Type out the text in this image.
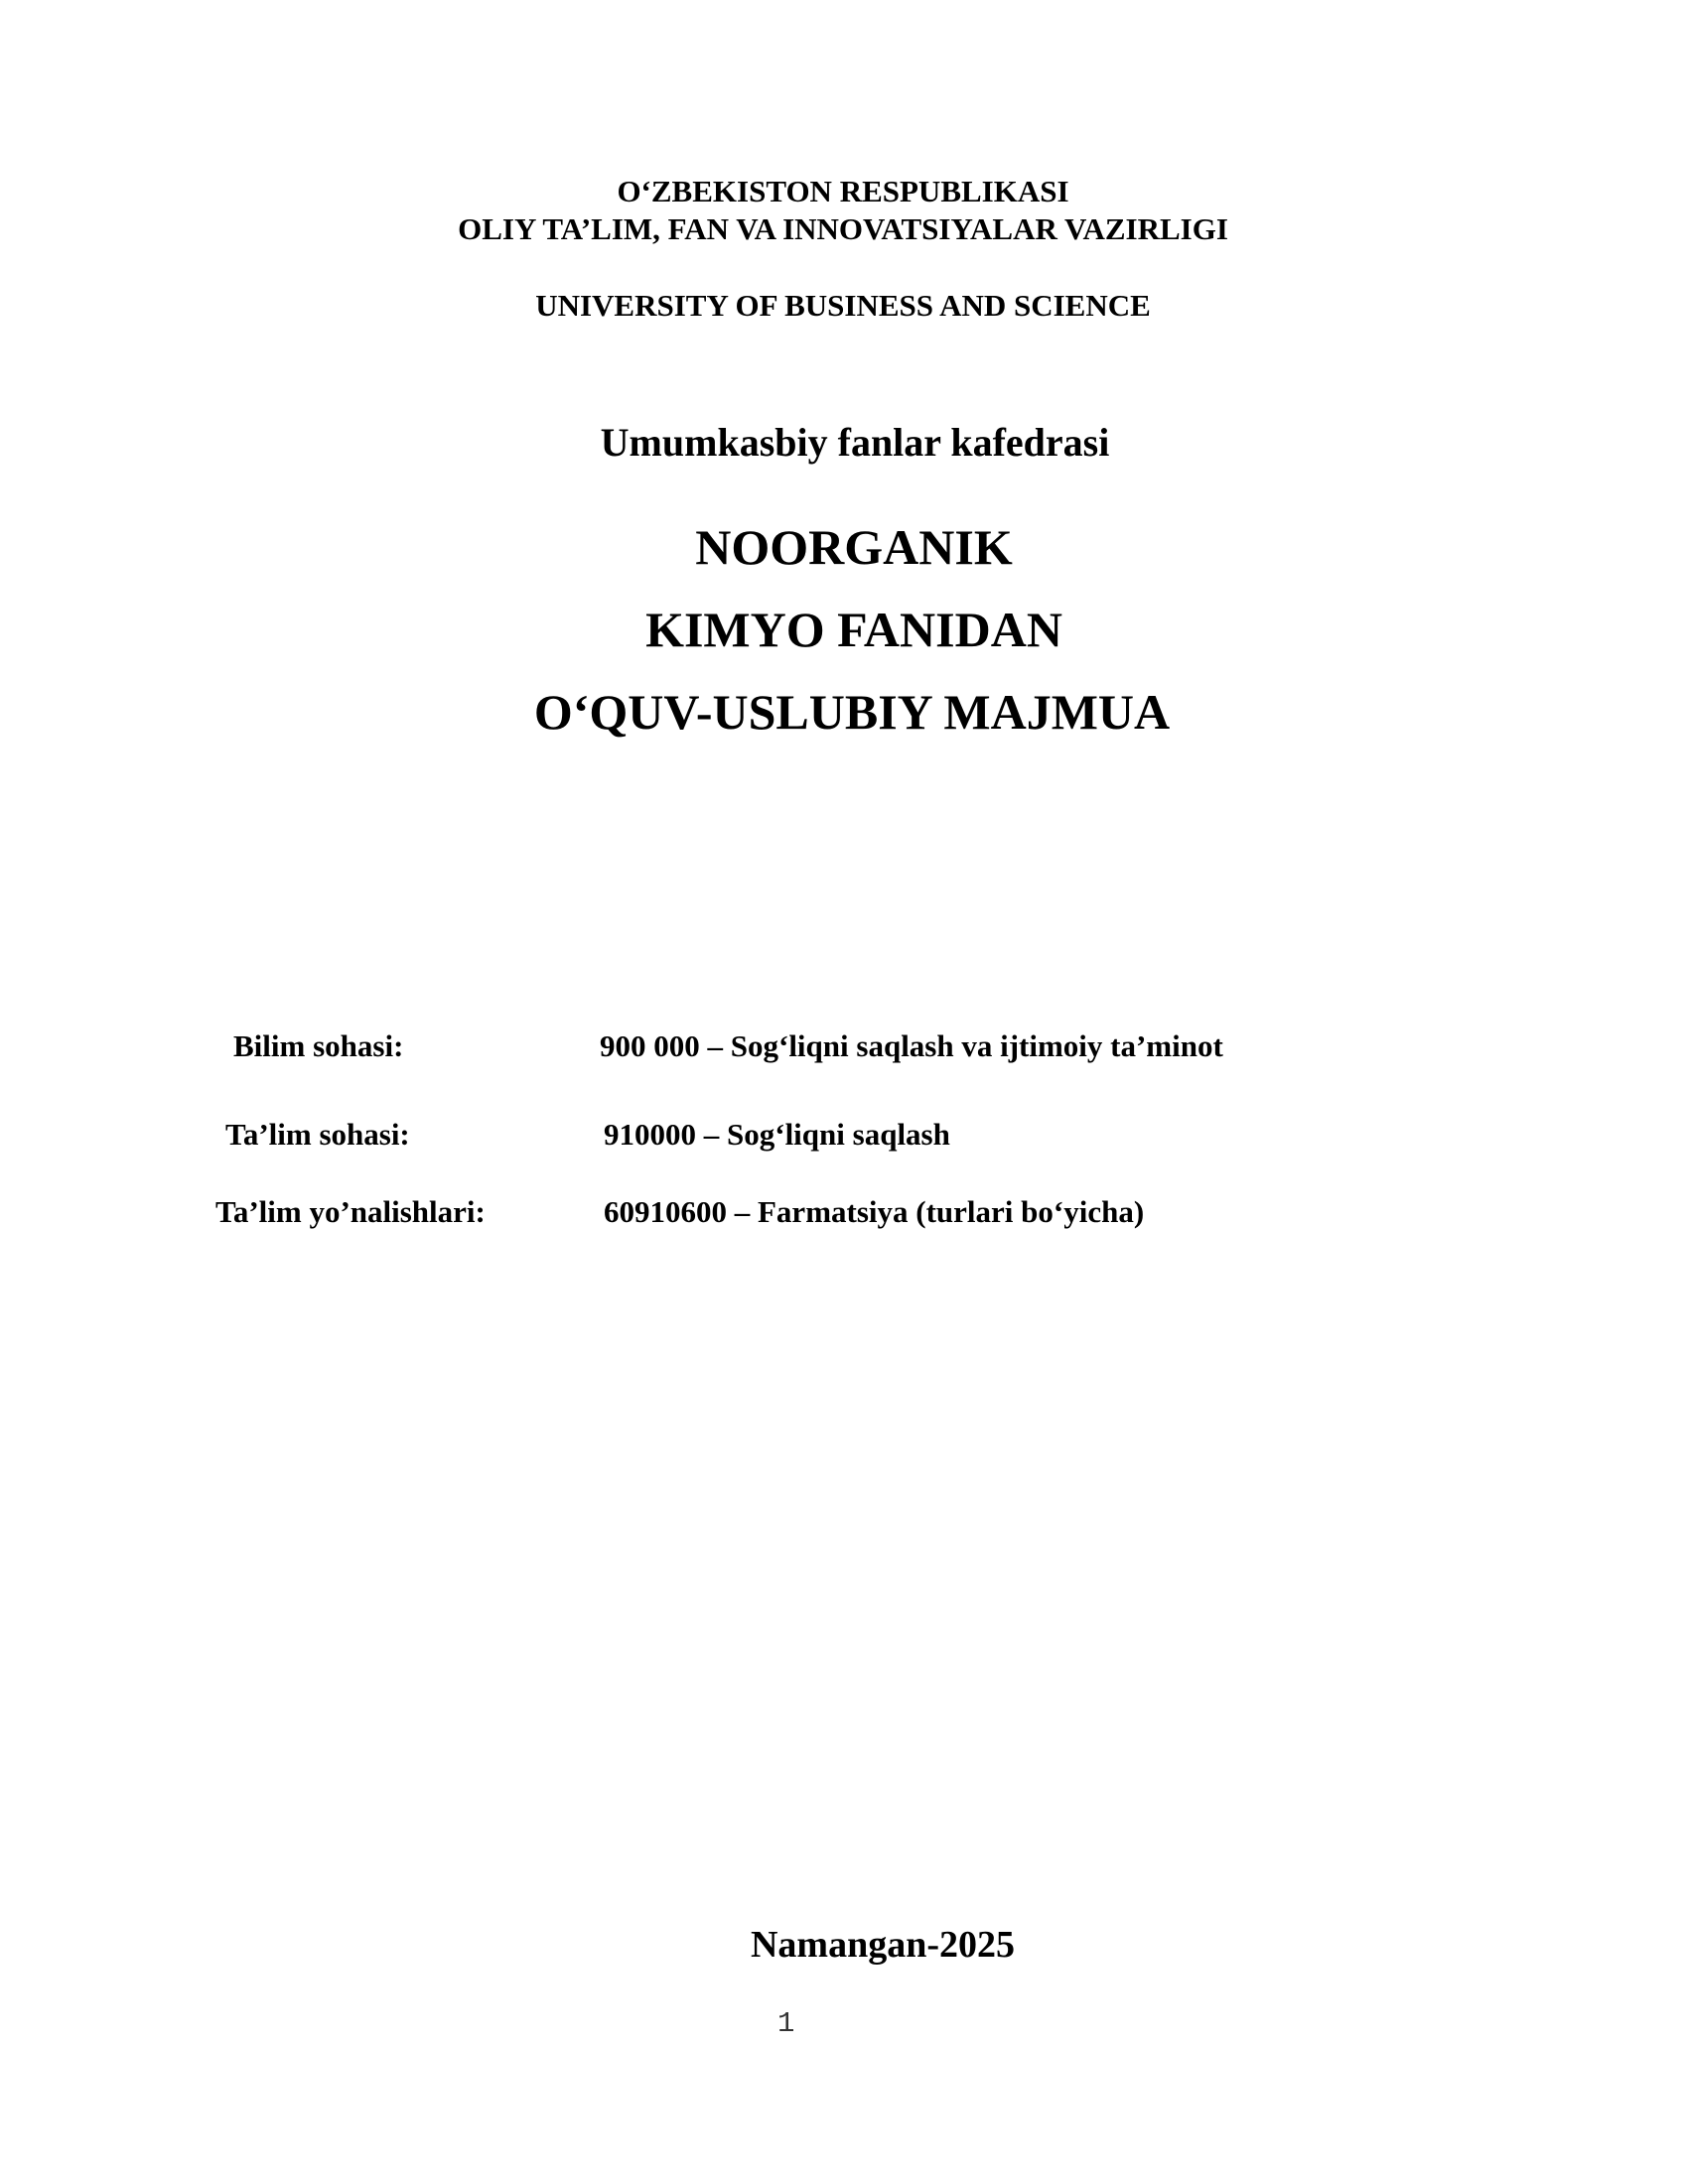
O‘ZBEKISTON RESPUBLIKASI
OLIY TA’LIM, FAN VA INNOVATSIYALAR VAZIRLIGI
UNIVERSITY OF BUSINESS AND SCIENCE
Umumkasbiy fanlar kafedrasi
NOORGANIK
KIMYO FANIDAN
O‘QUV-USLUBIY MAJMUA
Bilim sohasi:	900 000 – Sog‘liqni saqlash va ijtimoiy ta’minot
Ta’lim sohasi:	910000 – Sog‘liqni saqlash
Ta’lim yo’nalishlari:	60910600 – Farmatsiya (turlari bo‘yicha)
Namangan-2025
1
